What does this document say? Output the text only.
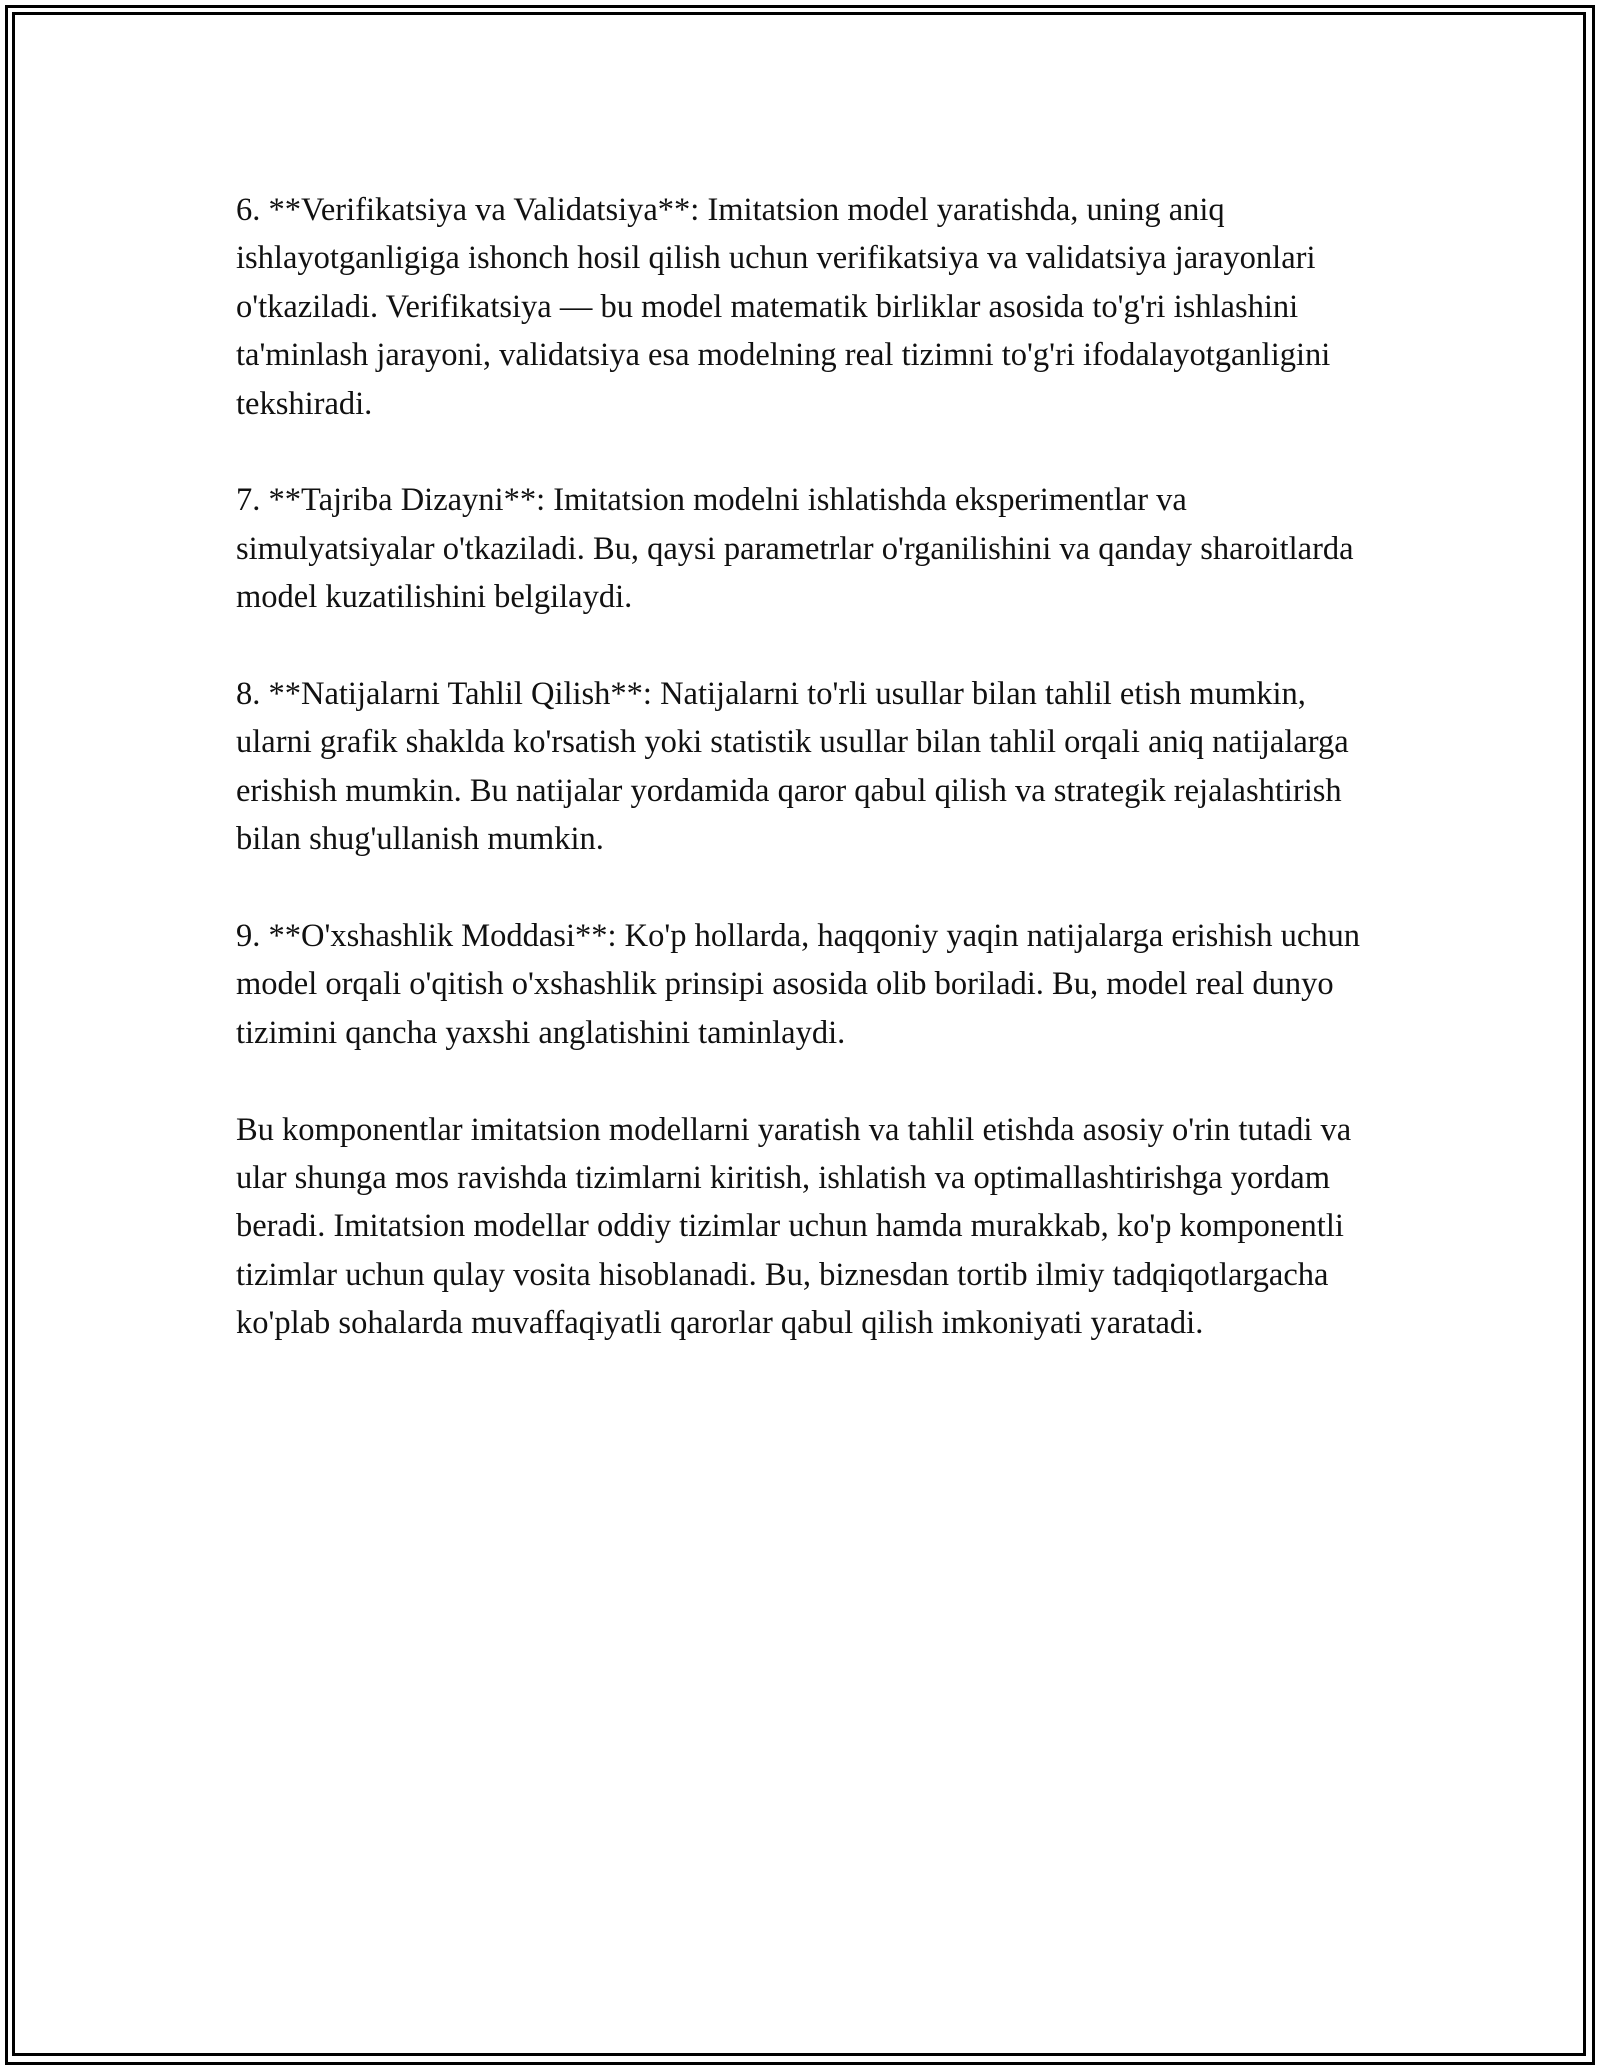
6. **Verifikatsiya va Validatsiya**: Imitatsion model yaratishda, uning aniq ishlayotganligiga ishonch hosil qilish uchun verifikatsiya va validatsiya jarayonlari o'tkaziladi. Verifikatsiya — bu model matematik birliklar asosida to'g'ri ishlashini ta'minlash jarayoni, validatsiya esa modelning real tizimni to'g'ri ifodalayotganligini tekshiradi.

7. **Tajriba Dizayni**: Imitatsion modelni ishlatishda eksperimentlar va simulyatsiyalar o'tkaziladi. Bu, qaysi parametrlar o'rganilishini va qanday sharoitlarda model kuzatilishini belgilaydi.

8. **Natijalarni Tahlil Qilish**: Natijalarni to'rli usullar bilan tahlil etish mumkin, ularni grafik shaklda ko'rsatish yoki statistik usullar bilan tahlil orqali aniq natijalarga erishish mumkin. Bu natijalar yordamida qaror qabul qilish va strategik rejalashtirish bilan shug'ullanish mumkin.

9. **O'xshashlik Moddasi**: Ko'p hollarda, haqqoniy yaqin natijalarga erishish uchun model orqali o'qitish o'xshashlik prinsipi asosida olib boriladi. Bu, model real dunyo tizimini qancha yaxshi anglatishini taminlaydi.

Bu komponentlar imitatsion modellarni yaratish va tahlil etishda asosiy o'rin tutadi va ular shunga mos ravishda tizimlarni kiritish, ishlatish va optimallashtirishga yordam beradi. Imitatsion modellar oddiy tizimlar uchun hamda murakkab, ko'p komponentli tizimlar uchun qulay vosita hisoblanadi. Bu, biznesdan tortib ilmiy tadqiqotlargacha ko'plab sohalarda muvaffaqiyatli qarorlar qabul qilish imkoniyati yaratadi.
